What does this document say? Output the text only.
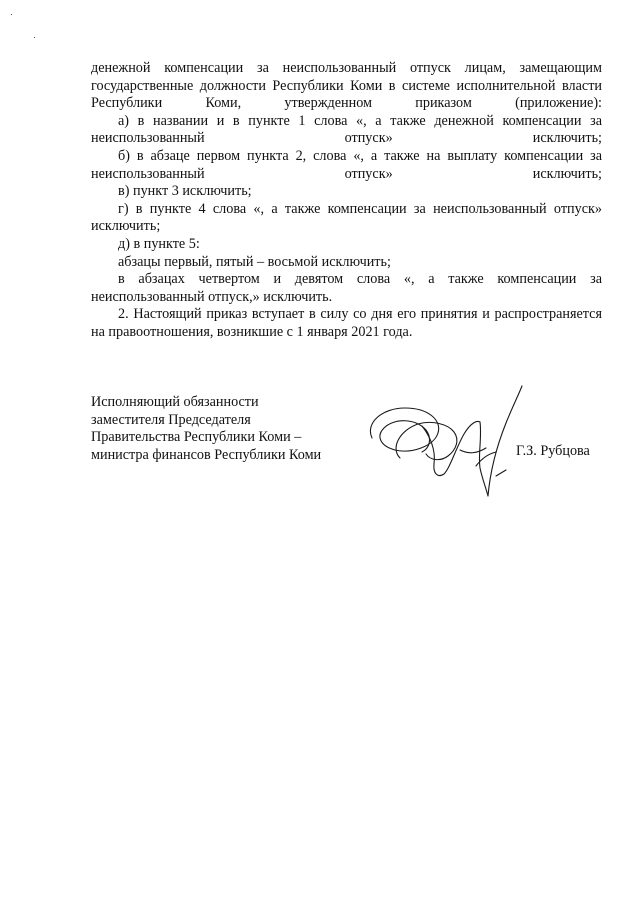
денежной компенсации за неиспользованный отпуск лицам, замещающим государственные должности Республики Коми в системе исполнительной власти Республики Коми, утвержденном приказом (приложение):

а) в названии и в пункте 1 слова «, а также денежной компенсации за неиспользованный отпуск» исключить;

б) в абзаце первом пункта 2, слова «, а также на выплату компенсации за неиспользованный отпуск» исключить;

в) пункт 3 исключить;

г) в пункте 4 слова «, а также компенсации за неиспользованный отпуск» исключить;

д) в пункте 5:

абзацы первый, пятый – восьмой исключить;

в абзацах четвертом и девятом слова «, а также компенсации за неиспользованный отпуск,» исключить.

2. Настоящий приказ вступает в силу со дня его принятия и распространяется на правоотношения, возникшие с 1 января 2021 года.

Исполняющий обязанности
заместителя Председателя
Правительства Республики Коми –
министра финансов Республики Коми	Г.З. Рубцова
